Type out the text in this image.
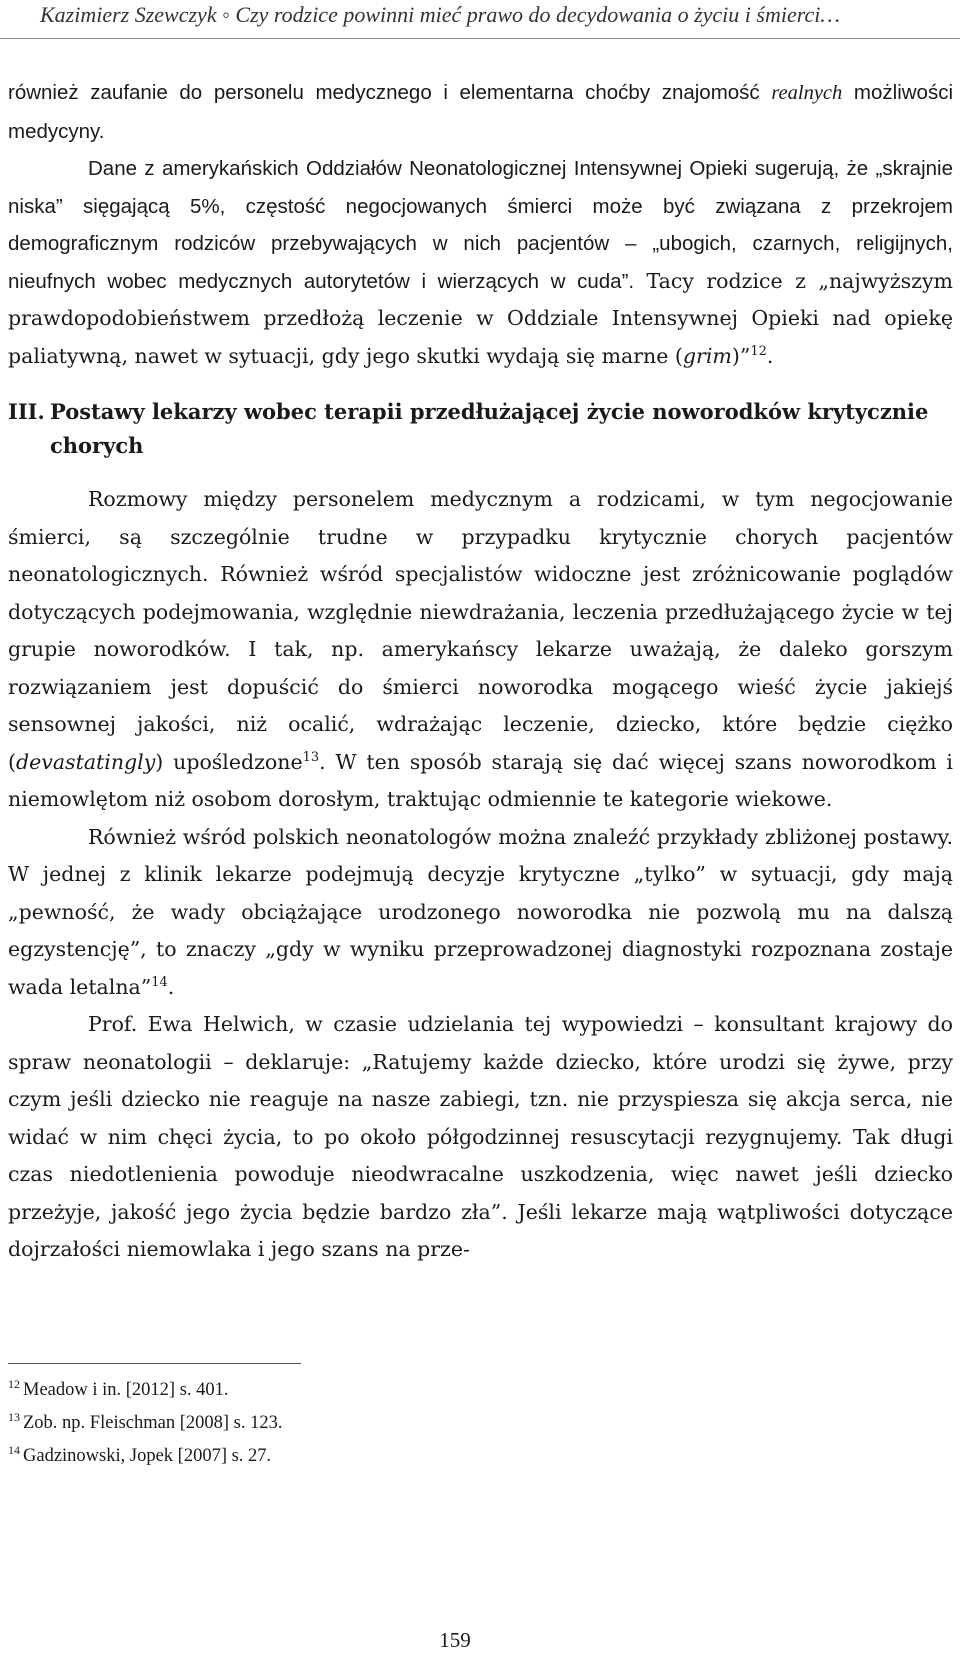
Kazimierz Szewczyk ◦ Czy rodzice powinni mieć prawo do decydowania o życiu i śmierci…

również zaufanie do personelu medycznego i elementarna choćby znajomość realnych możliwości medycyny.

Dane z amerykańskich Oddziałów Neonatologicznej Intensywnej Opieki sugerują, że „skrajnie niska” sięgającą 5%, częstość negocjowanych śmierci może być związana z przekrojem demograficznym rodziców przebywających w nich pacjentów – „ubogich, czarnych, religijnych, nieufnych wobec medycznych autorytetów i wierzących w cuda”. Tacy rodzice z „najwyższym prawdopodobieństwem przedłożą leczenie w Oddziale Intensywnej Opieki nad opiekę paliatywną, nawet w sytuacji, gdy jego skutki wydają się marne (grim)”$^{12}$.

III. Postawy lekarzy wobec terapii przedłużającej życie noworodków krytycznie chorych

Rozmowy między personelem medycznym a rodzicami, w tym negocjowanie śmierci, są szczególnie trudne w przypadku krytycznie chorych pacjentów neonatologicznych. Również wśród specjalistów widoczne jest zróżnicowanie poglądów dotyczących podejmowania, względnie niewdrażania, leczenia przedłużającego życie w tej grupie noworodków. I tak, np. amerykańscy lekarze uważają, że daleko gorszym rozwiązaniem jest dopuścić do śmierci noworodka mogącego wieść życie jakiejś sensownej jakości, niż ocalić, wdrażając leczenie, dziecko, które będzie ciężko (devastatingly) upośledzone$^{13}$. W ten sposób starają się dać więcej szans noworodkom i niemowlętom niż osobom dorosłym, traktując odmiennie te kategorie wiekowe.

Również wśród polskich neonatologów można znaleźć przykłady zbliżonej postawy. W jednej z klinik lekarze podejmują decyzje krytyczne „tylko” w sytuacji, gdy mają „pewność, że wady obciążające urodzonego noworodka nie pozwolą mu na dalszą egzystencję”, to znaczy „gdy w wyniku przeprowadzonej diagnostyki rozpoznana zostaje wada letalna”$^{14}$.

Prof. Ewa Helwich, w czasie udzielania tej wypowiedzi – konsultant krajowy do spraw neonatologii – deklaruje: „Ratujemy każde dziecko, które urodzi się żywe, przy czym jeśli dziecko nie reaguje na nasze zabiegi, tzn. nie przyspiesza się akcja serca, nie widać w nim chęci życia, to po około półgodzinnej resuscytacji rezygnujemy. Tak długi czas niedotlenienia powoduje nieodwracalne uszkodzenia, więc nawet jeśli dziecko przeżyje, jakość jego życia będzie bardzo zła”. Jeśli lekarze mają wątpliwości dotyczące dojrzałości niemowlaka i jego szans na prze-

$^{12}$ Meadow i in. [2012] s. 401.

$^{13}$ Zob. np. Fleischman [2008] s. 123.

$^{14}$ Gadzinowski, Jopek [2007] s. 27.

159
